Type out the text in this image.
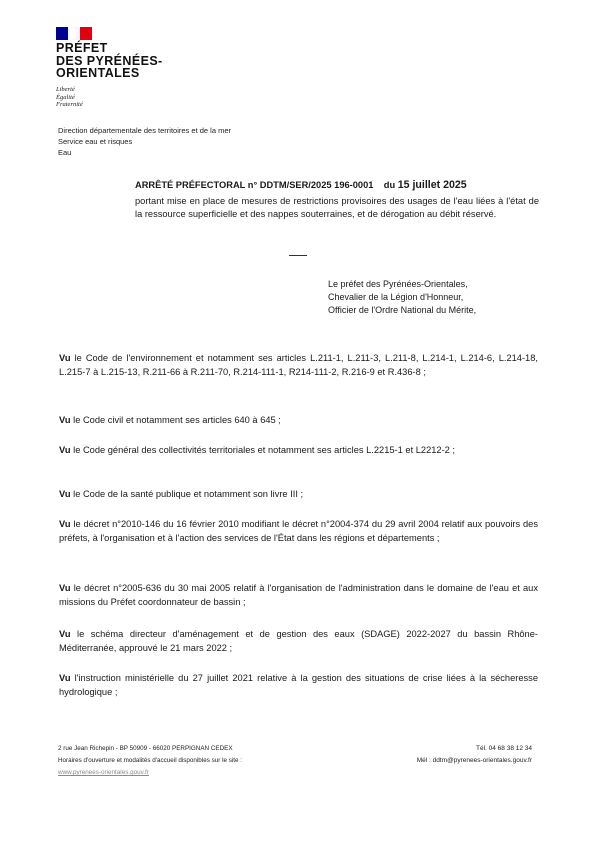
PRÉFET
DES PYRÉNÉES-
ORIENTALES
Liberté
Égalité
Fraternité
Direction départementale des territoires et de la mer
Service eau et risques
Eau
ARRÊTÉ PRÉFECTORAL n° DDTM/SER/2025 196-0001 du 15 juillet 2025
portant mise en place de mesures de restrictions provisoires des usages de l'eau liées à l'état de la ressource superficielle et des nappes souterraines, et de dérogation au débit réservé.
Le préfet des Pyrénées-Orientales,
Chevalier de la Légion d'Honneur,
Officier de l'Ordre National du Mérite,
Vu le Code de l'environnement et notamment ses articles L.211-1, L.211-3, L.211-8, L.214-1, L.214-6, L.214-18, L.215-7 à L.215-13, R.211-66 à R.211-70, R.214-111-1, R214-111-2, R.216-9 et R.436-8 ;
Vu le Code civil et notamment ses articles 640 à 645 ;
Vu le Code général des collectivités territoriales et notamment ses articles L.2215-1 et L2212-2 ;
Vu le Code de la santé publique et notamment son livre III ;
Vu le décret n°2010-146 du 16 février 2010 modifiant le décret n°2004-374 du 29 avril 2004 relatif aux pouvoirs des préfets, à l'organisation et à l'action des services de l'État dans les régions et départements ;
Vu le décret n°2005-636 du 30 mai 2005 relatif à l'organisation de l'administration dans le domaine de l'eau et aux missions du Préfet coordonnateur de bassin ;
Vu le schéma directeur d'aménagement et de gestion des eaux (SDAGE) 2022-2027 du bassin Rhône-Méditerranée, approuvé le 21 mars 2022 ;
Vu l'instruction ministérielle du 27 juillet 2021 relative à la gestion des situations de crise liées à la sécheresse hydrologique ;
2 rue Jean Richepin - BP 50909 - 66020 PERPIGNAN CEDEX
Horaires d'ouverture et modalités d'accueil disponibles sur le site :
www.pyrenees-orientales.gouv.fr
Tél. 04 68 38 12 34
Mél : ddtm@pyrenees-orientales.gouv.fr
